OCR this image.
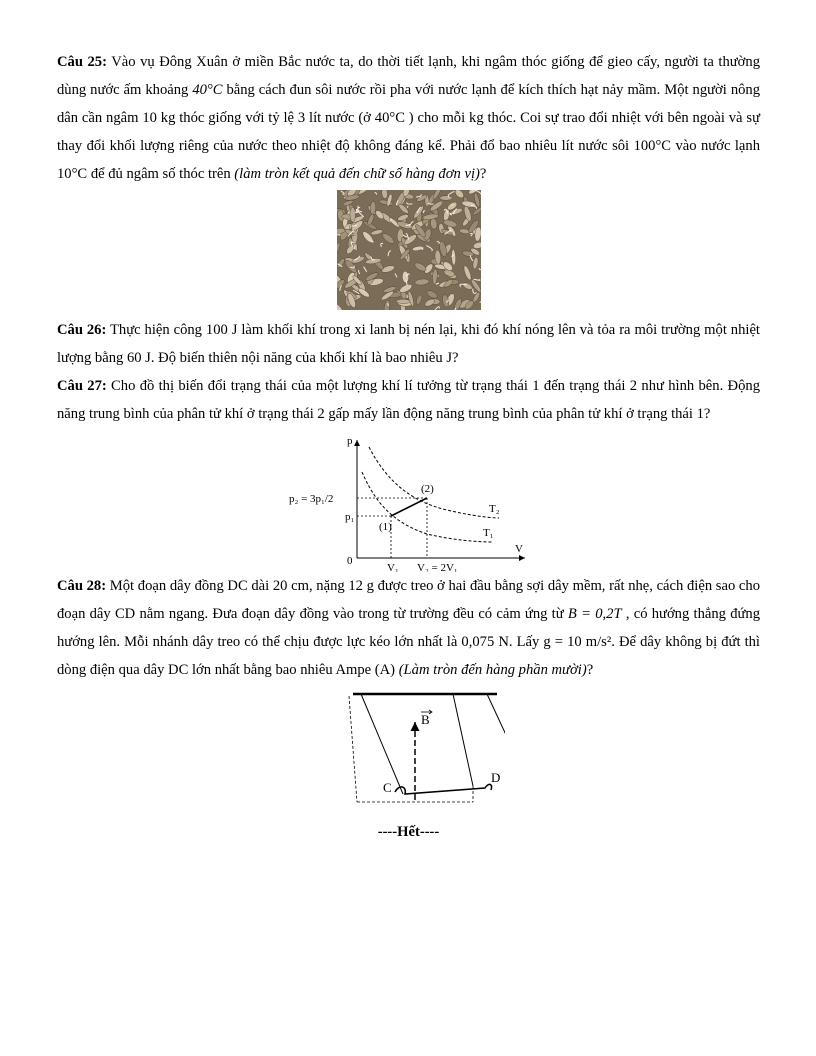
Câu 25: Vào vụ Đông Xuân ở miền Bắc nước ta, do thời tiết lạnh, khi ngâm thóc giống để gieo cấy, người ta thường dùng nước ấm khoảng 40°C bằng cách đun sôi nước rồi pha với nước lạnh để kích thích hạt nảy mầm. Một người nông dân cần ngâm 10 kg thóc giống với tỷ lệ 3 lít nước (ở 40°C ) cho mỗi kg thóc. Coi sự trao đổi nhiệt với bên ngoài và sự thay đổi khối lượng riêng của nước theo nhiệt độ không đáng kể. Phải đổ bao nhiêu lít nước sôi 100°C vào nước lạnh 10°C để đủ ngâm số thóc trên (làm tròn kết quả đến chữ số hàng đơn vị)?

Câu 26: Thực hiện công 100 J làm khối khí trong xi lanh bị nén lại, khi đó khí nóng lên và tỏa ra môi trường một nhiệt lượng bằng 60 J. Độ biến thiên nội năng của khối khí là bao nhiêu J?

Câu 27: Cho đồ thị biến đổi trạng thái của một lượng khí lí tưởng từ trạng thái 1 đến trạng thái 2 như hình bên. Động năng trung bình của phân tử khí ở trạng thái 2 gấp mấy lần động năng trung bình của phân tử khí ở trạng thái 1?

p
V
0
(2)
(1)
p₂ = 3p₁/2
p₁
V₁ V₂ = 2V₁
T₂
T₁

Câu 28: Một đoạn dây đồng DC dài 20 cm, nặng 12 g được treo ở hai đầu bằng sợi dây mềm, rất nhẹ, cách điện sao cho đoạn dây CD nằm ngang. Đưa đoạn dây đồng vào trong từ trường đều có cảm ứng từ B = 0,2T , có hướng thẳng đứng hướng lên. Mỗi nhánh dây treo có thể chịu được lực kéo lớn nhất là 0,075 N. Lấy g = 10 m/s². Để dây không bị đứt thì dòng điện qua dây DC lớn nhất bằng bao nhiêu Ampe (A) (Làm tròn đến hàng phần mười)?

B
C
D
----Hết----
